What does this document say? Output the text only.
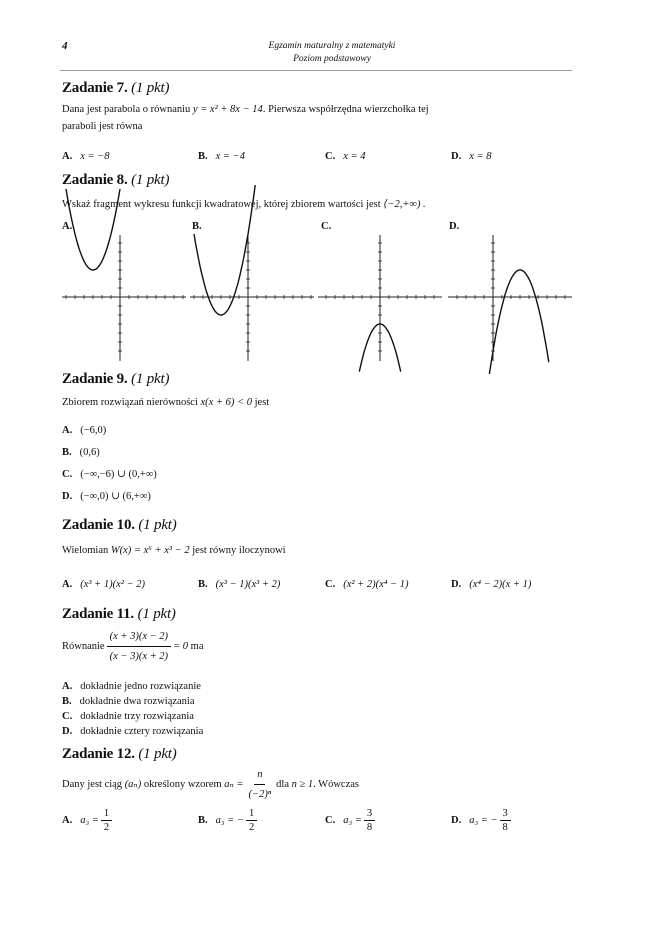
4	Egzamin maturalny z matematyki
Poziom podstawowy
Zadanie 7. (1 pkt)
Dana jest parabola o równaniu y = x² + 8x − 14. Pierwsza współrzędna wierzchołka tej
paraboli jest równa
A. x = −8	B. x = −4	C. x = 4	D. x = 8
Zadanie 8. (1 pkt)
Wskaż fragment wykresu funkcji kwadratowej, której zbiorem wartości jest ⟨−2,+∞) .
A.	B.	C.	D.
Zadanie 9. (1 pkt)
Zbiorem rozwiązań nierówności x(x + 6) < 0 jest
A. (−6,0)
B. (0,6)
C. (−∞,−6) ∪ (0,+∞)
D. (−∞,0) ∪ (6,+∞)
Zadanie 10. (1 pkt)
Wielomian W(x) = x⁶ + x³ − 2 jest równy iloczynowi
A. (x³ + 1)(x² − 2)	B. (x³ − 1)(x³ + 2)	C. (x² + 2)(x⁴ − 1)	D. (x⁴ − 2)(x + 1)
Zadanie 11. (1 pkt)
Równanie $\frac{(x + 3)(x - 2)}{(x - 3)(x + 2)} = 0$
ma
A. dokładnie jedno rozwiązanie
B. dokładnie dwa rozwiązania
C. dokładnie trzy rozwiązania
D. dokładnie cztery rozwiązania
Zadanie 12. (1 pkt)
Dany jest ciąg
(aₙ)
określony wzorem
$a_n = \frac{n}{\text{(−2)ⁿ}}$ dla
n ≥ 1 . Wówczas
A.
$a_3 = \frac{1}{2}$	B.
a₃ = − $\frac{1}{2}$	C.
$a_3 = \frac{3}{8}$	D.
a₃ = − $\frac{3}{8}$
